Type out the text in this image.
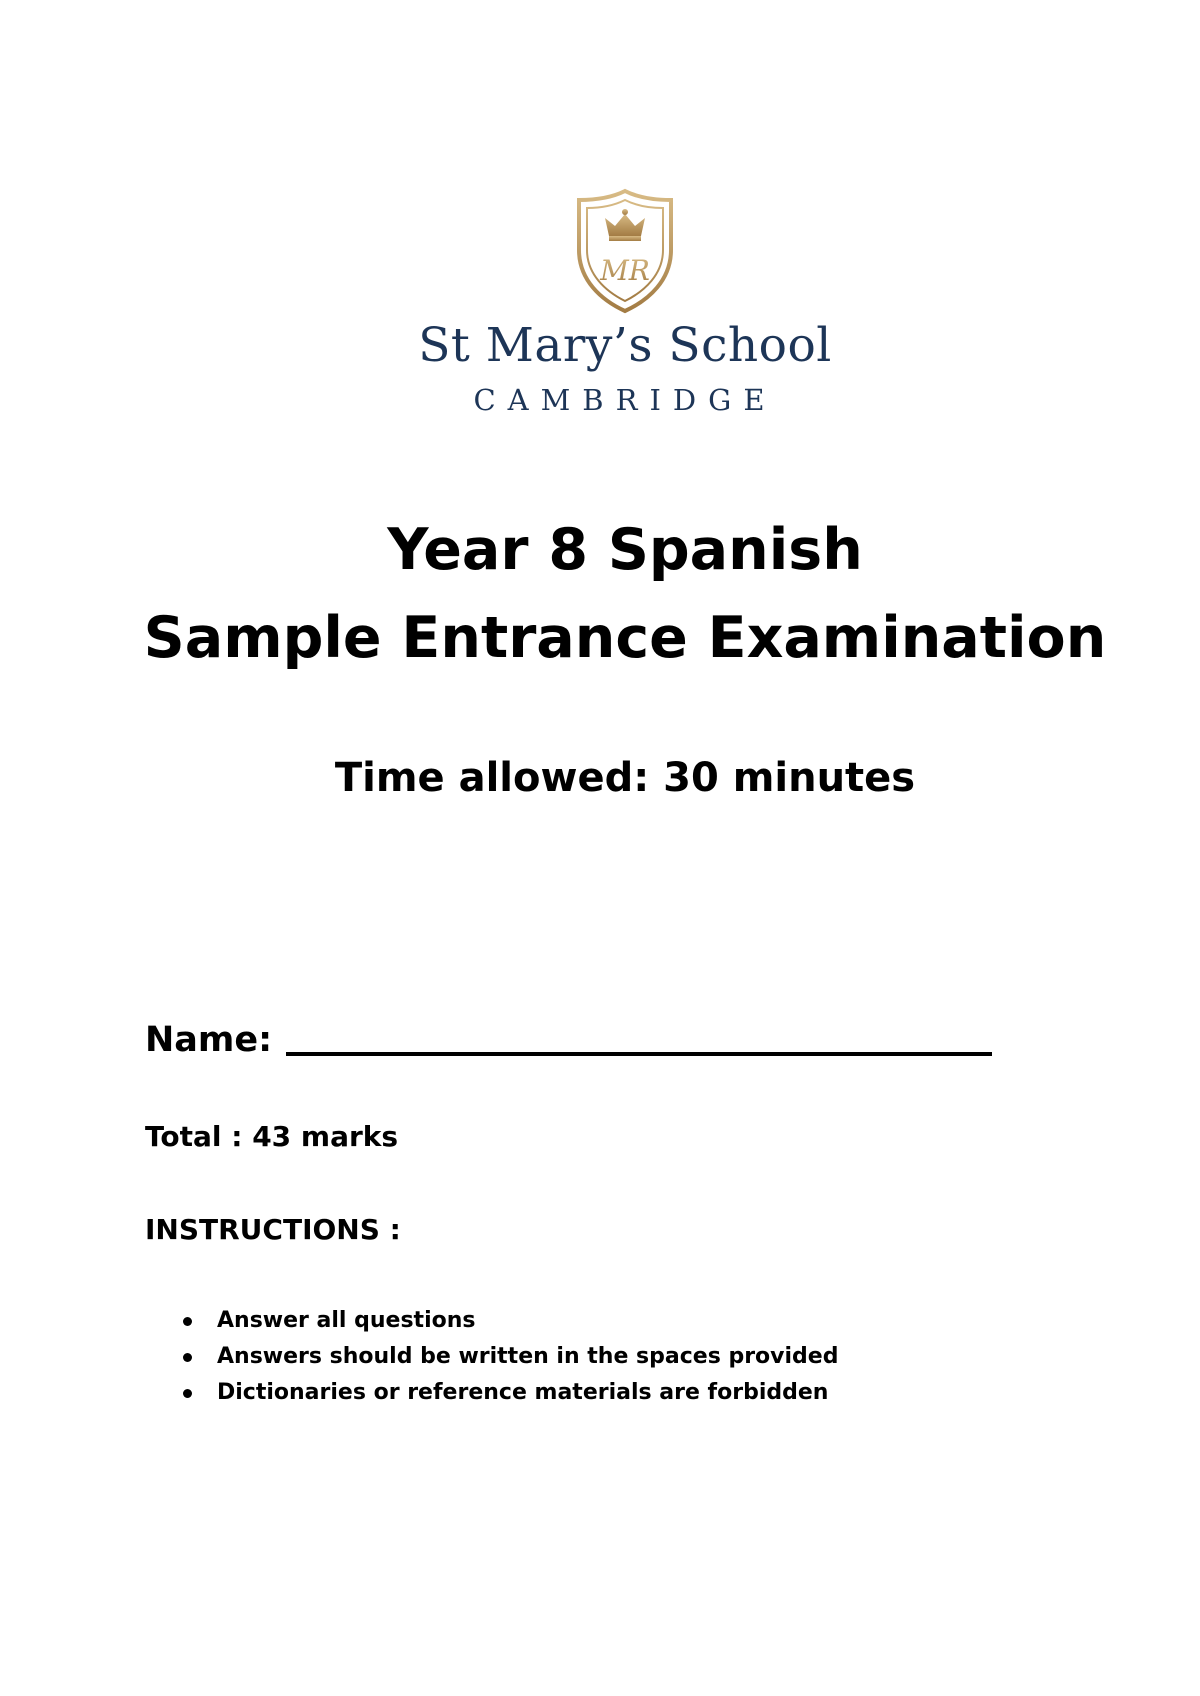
MR
St Mary’s School
CAMBRIDGE
Year 8 Spanish
Sample Entrance Examination
Time allowed: 30 minutes
Name:
Total : 43 marks
INSTRUCTIONS :
Answer all questions
Answers should be written in the spaces provided
Dictionaries or reference materials are forbidden
